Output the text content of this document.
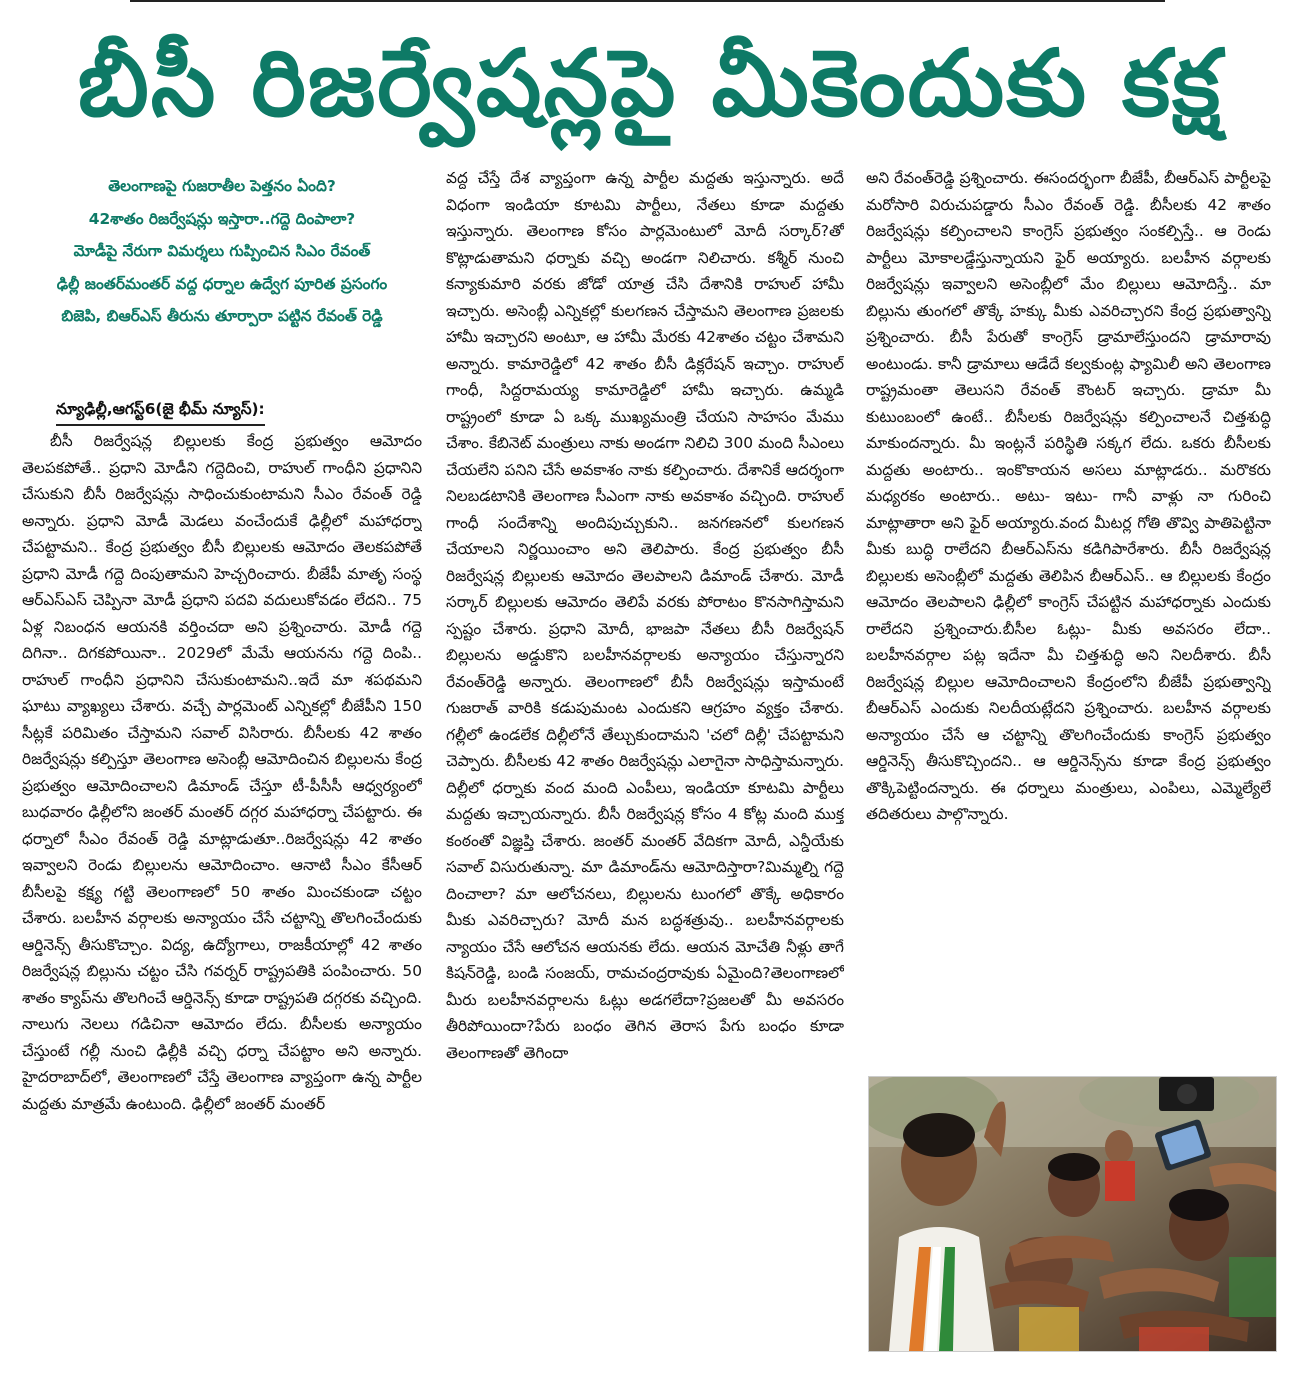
బీసీ రిజర్వేషన్లపై మీకెందుకు కక్ష
తెలంగాణపై గుజరాతీల పెత్తనం ఏంది?
42శాతం రిజర్వేషన్లు ఇస్తారా..గద్దె దింపాలా?
మోడీపై నేరుగా విమర్శలు గుప్పించిన సిఎం రేవంత్
ఢిల్లీ జంతర్‌మంతర్ వద్ద ధర్నాల ఉద్వేగ పూరిత ప్రసంగం
బిజెపి, బిఆర్‌ఎస్ తీరును తూర్పారా పట్టిన రేవంత్ రెడ్డి
న్యూఢిల్లీ,ఆగస్ట్6(జై భీమ్ న్యూస్):

బీసీ రిజర్వేషన్ల బిల్లులకు కేంద్ర ప్రభుత్వం ఆమోదం తెలపకపోతే.. ప్రధాని మోడీని గద్దెదించి, రాహుల్ గాంధీని ప్రధానిని చేసుకుని బీసీ రిజర్వేషన్లు సాధించుకుంటామని సీఎం రేవంత్ రెడ్డి అన్నారు. ప్రధాని మోడీ మెడలు వంచేందుకే ఢిల్లీలో మహాధర్నా చేపట్టామని.. కేంద్ర ప్రభుత్వం బీసీ బిల్లులకు ఆమోదం తెలకపపోతే ప్రధాని మోడీ గద్దె దింపుతామని హెచ్చరించారు. బీజేపీ మాతృ సంస్థ ఆర్ఎస్ఎస్ చెప్పినా మోడీ ప్రధాని పదవి వదులుకోవడం లేదని.. 75 ఏళ్ల నిబంధన ఆయనకి వర్తించదా అని ప్రశ్నించారు. మోడీ గద్దె దిగినా.. దిగకపోయినా.. 2029లో మేమే ఆయనను గద్దె దింపి.. రాహుల్ గాంధీని ప్రధానిని చేసుకుంటామని..ఇదే మా శపథమని ఘాటు వ్యాఖ్యలు చేశారు. వచ్చే పార్లమెంట్ ఎన్నికల్లో బీజేపీని 150 సీట్లకే పరిమితం చేస్తామని సవాల్ విసిరారు. బీసీలకు 42 శాతం రిజర్వేషన్లు కల్పిస్తూ తెలంగాణ అసెంబ్లీ ఆమోదించిన బిల్లులను కేంద్ర ప్రభుత్వం ఆమోదించాలని డిమాండ్ చేస్తూ టీ-పీసీసీ ఆధ్వర్యంలో బుధవారం ఢిల్లీలోని జంతర్ మంతర్ దగ్గర మహాధర్నా చేపట్టారు. ఈ ధర్నాలో సీఎం రేవంత్ రెడ్డి మాట్లాడుతూ..రిజర్వేషన్లు 42 శాతం ఇవ్వాలని రెండు బిల్లులను ఆమోదించాం. ఆనాటి సీఎం కేసీఆర్ బీసీలపై కక్ష్య గట్టి తెలంగాణలో 50 శాతం మించకుండా చట్టం చేశారు. బలహీన వర్గాలకు అన్యాయం చేసే చట్టాన్ని తొలగించేందుకు ఆర్డినెన్స్ తీసుకొచ్చాం. విద్య, ఉద్యోగాలు, రాజకీయాల్లో 42 శాతం రిజర్వేషన్ల బిల్లును చట్టం చేసి గవర్నర్ రాష్ట్రపతికి పంపించారు. 50 శాతం క్యాప్‌ను తొలగించే ఆర్డినెన్స్ కూడా రాష్ట్రపతి దగ్గరకు వచ్చింది. నాలుగు నెలలు గడిచినా ఆమోదం లేదు. బీసీలకు అన్యాయం చేస్తుంటే గల్లీ నుంచి ఢిల్లీకి వచ్చి ధర్నా చేపట్టాం అని అన్నారు. హైదరాబాద్‌లో, తెలంగాణలో చేస్తే తెలంగాణ వ్యాప్తంగా ఉన్న పార్టీల మద్దతు మాత్రమే ఉంటుంది. ఢిల్లీలో జంతర్ మంతర్

వద్ద చేస్తే దేశ వ్యాప్తంగా ఉన్న పార్టీల మద్దతు ఇస్తున్నారు. అదే విధంగా ఇండియా కూటమి పార్టీలు, నేతలు కూడా మద్దతు ఇస్తున్నారు. తెలంగాణ కోసం పార్లమెంటులో మోదీ సర్కార్?తో కొట్లాడుతామని ధర్నాకు వచ్చి అండగా నిలిచారు. కశ్మీర్ నుంచి కన్యాకుమారి వరకు జోడో యాత్ర చేసి దేశానికి రాహుల్ హామీ ఇచ్చారు. అసెంబ్లీ ఎన్నికల్లో కులగణన చేస్తామని తెలంగాణ ప్రజలకు హామీ ఇచ్చారని అంటూ, ఆ హామీ మేరకు 42శాతం చట్టం చేశామని అన్నారు. కామారెడ్డిలో 42 శాతం బీసీ డిక్లరేషన్ ఇచ్చాం. రాహుల్ గాంధీ, సిద్దరామయ్య కామారెడ్డిలో హామీ ఇచ్చారు. ఉమ్మడి రాష్ట్రంలో కూడా ఏ ఒక్క ముఖ్యమంత్రి చేయని సాహసం మేము చేశాం. కేబినెట్ మంత్రులు నాకు అండగా నిలిచి 300 మంది సీఎంలు చేయలేని పనిని చేసే అవకాశం నాకు కల్పించారు. దేశానికే ఆదర్శంగా నిలబడటానికి తెలంగాణ సీఎంగా నాకు అవకాశం వచ్చింది. రాహుల్ గాంధీ సందేశాన్ని అందిపుచ్చుకుని.. జనగణనలో కులగణన చేయాలని నిర్ణయించాం అని తెలిపారు. కేంద్ర ప్రభుత్వం బీసీ రిజర్వేషన్ల బిల్లులకు ఆమోదం తెలపాలని డిమాండ్ చేశారు. మోడీ సర్కార్ బిల్లులకు ఆమోదం తెలిపే వరకు పోరాటం కొనసాగిస్తామని స్పష్టం చేశారు. ప్రధాని మోదీ, భాజపా నేతలు బీసీ రిజర్వేషన్ బిల్లులను అడ్డుకొని బలహీనవర్గాలకు అన్యాయం చేస్తున్నారని రేవంత్‌రెడ్డి అన్నారు. తెలంగాణలో బీసీ రిజర్వేషన్లు ఇస్తామంటే గుజరాత్ వారికి కడుపుమంట ఎందుకని ఆగ్రహం వ్యక్తం చేశారు. గల్లీలో ఉండలేక దిల్లీలోనే తేల్చుకుందామని 'చలో దిల్లీ' చేపట్టామని చెప్పారు. బీసీలకు 42 శాతం రిజర్వేషన్లు ఎలాగైనా సాధిస్తామన్నారు. దిల్లీలో ధర్నాకు వంద మంది ఎంపీలు, ఇండియా కూటమి పార్టీలు మద్దతు ఇచ్చాయన్నారు. బీసీ రిజర్వేషన్ల కోసం 4 కోట్ల మంది ముక్త కంఠంతో విజ్ఞప్తి చేశారు. జంతర్ మంతర్ వేదికగా మోదీ, ఎన్డీయేకు సవాల్ విసురుతున్నా. మా డిమాండ్‌ను ఆమోదిస్తారా?మిమ్మల్ని గద్దె దించాలా? మా ఆలోచనలు, బిల్లులను టుంగలో తొక్కే అధికారం మీకు ఎవరిచ్చారు? మోదీ మన బద్ధశత్రువు.. బలహీనవర్గాలకు న్యాయం చేసే ఆలోచన ఆయనకు లేదు. ఆయన మోచేతి నీళ్లు తాగే కిషన్‌రెడ్డి, బండి సంజయ్, రామచంద్రరావుకు ఏమైంది?తెలంగాణలో మీరు బలహీనవర్గాలను ఓట్లు అడగలేదా?ప్రజలతో మీ అవసరం తీరిపోయిందా?పేరు బంధం తెగిన తెరాస పేగు బంధం కూడా తెలంగాణతో తెగిందా

అని రేవంత్‌రెడ్డి ప్రశ్నించారు. ఈసందర్భంగా బీజేపీ, బీఆర్ఎస్ పార్టీలపై మరోసారి విరుచుపడ్డారు సీఎం రేవంత్ రెడ్డి. బీసీలకు 42 శాతం రిజర్వేషన్లు కల్పించాలని కాంగ్రెస్ ప్రభుత్వం సంకల్పిస్తే.. ఆ రెండు పార్టీలు మోకాలడ్డేస్తున్నాయని ఫైర్ అయ్యారు. బలహీన వర్గాలకు రిజర్వేషన్లు ఇవ్వాలని అసెంబ్లీలో మేం బిల్లులు ఆమోదిస్తే.. మా బిల్లును తుంగలో తొక్కే హక్కు మీకు ఎవరిచ్చారని కేంద్ర ప్రభుత్వాన్ని ప్రశ్నించారు. బీసీ పేరుతో కాంగ్రెస్ డ్రామాలేస్తుందని డ్రామారావు అంటుండు. కానీ డ్రామాలు ఆడేదే కల్వకుంట్ల ఫ్యామిలీ అని తెలంగాణ రాష్ట్రమంతా తెలుసని రేవంత్ కౌంటర్ ఇచ్చారు. డ్రామా మీ కుటుంబంలో ఉంటే.. బీసీలకు రిజర్వేషన్లు కల్పించాలనే చిత్తశుద్ధి మాకుందన్నారు. మీ ఇంట్లనే పరిస్థితి సక్కగ లేదు. ఒకరు బీసీలకు మద్దతు అంటారు.. ఇంకొకాయన అసలు మాట్లాడరు.. మరొకరు మధ్యరకం అంటారు.. అటు- ఇటు- గానీ వాళ్లు నా గురించి మాట్లాతారా అని ఫైర్ అయ్యారు.వంద మీటర్ల గోతి తొవ్వి పాతిపెట్టినా మీకు బుద్ధి రాలేదని బీఆర్ఎస్‌ను కడిగిపారేశారు. బీసీ రిజర్వేషన్ల బిల్లులకు అసెంబ్లీలో మద్దతు తెలిపిన బీఆర్ఎస్.. ఆ బిల్లులకు కేంద్రం ఆమోదం తెలపాలని ఢిల్లీలో కాంగ్రెస్ చేపట్టిన మహాధర్నాకు ఎందుకు రాలేదని ప్రశ్నించారు.బీసీల ఓట్లు- మీకు అవసరం లేదా.. బలహీనవర్గాల పట్ల ఇదేనా మీ చిత్తశుద్ధి అని నిలదీశారు. బీసీ రిజర్వేషన్ల బిల్లుల ఆమోదించాలని కేంద్రంలోని బీజేపీ ప్రభుత్వాన్ని బీఆర్ఎస్ ఎందుకు నిలదీయట్లేదని ప్రశ్నించారు. బలహీన వర్గాలకు అన్యాయం చేసే ఆ చట్టాన్ని తొలగించేందుకు కాంగ్రెస్ ప్రభుత్వం ఆర్డినెన్స్ తీసుకొచ్చిందని.. ఆ ఆర్డినెన్స్‌ను కూడా కేంద్ర ప్రభుత్వం తొక్కిపెట్టిందన్నారు. ఈ ధర్నాలు మంత్రులు, ఎంపిలు, ఎమ్మెల్యేలే తదితరులు పాల్గొన్నారు.
